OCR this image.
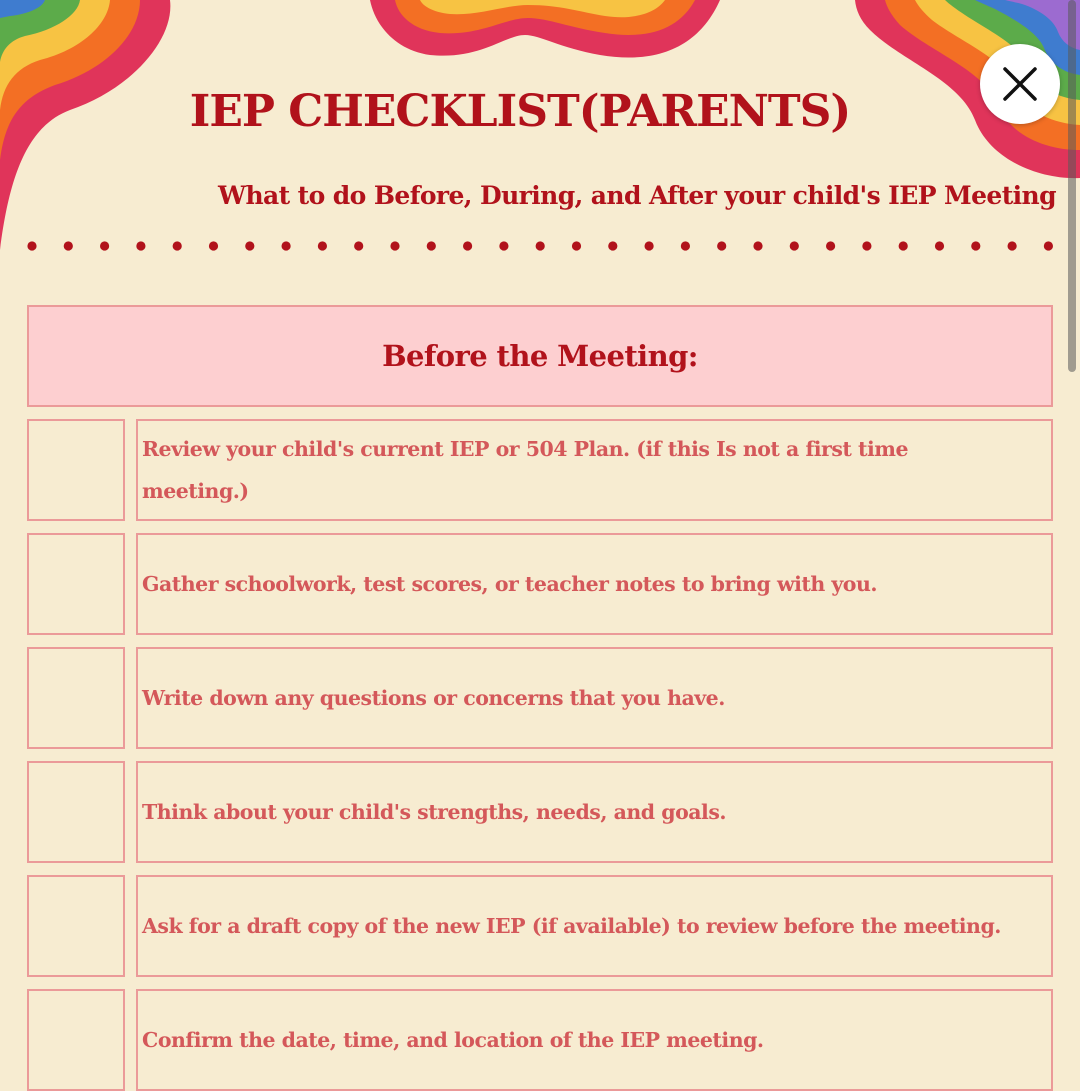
IEP CHECKLIST(PARENTS)

What to do Before, During, and After your child's IEP Meeting

Before the Meeting:
Review your child's current IEP or 504 Plan. (if this Is not a first time meeting.)
Gather schoolwork, test scores, or teacher notes to bring with you.
Write down any questions or concerns that you have.
Think about your child's strengths, needs, and goals.
Ask for a draft copy of the new IEP (if available) to review before the meeting.
Confirm the date, time, and location of the IEP meeting.
